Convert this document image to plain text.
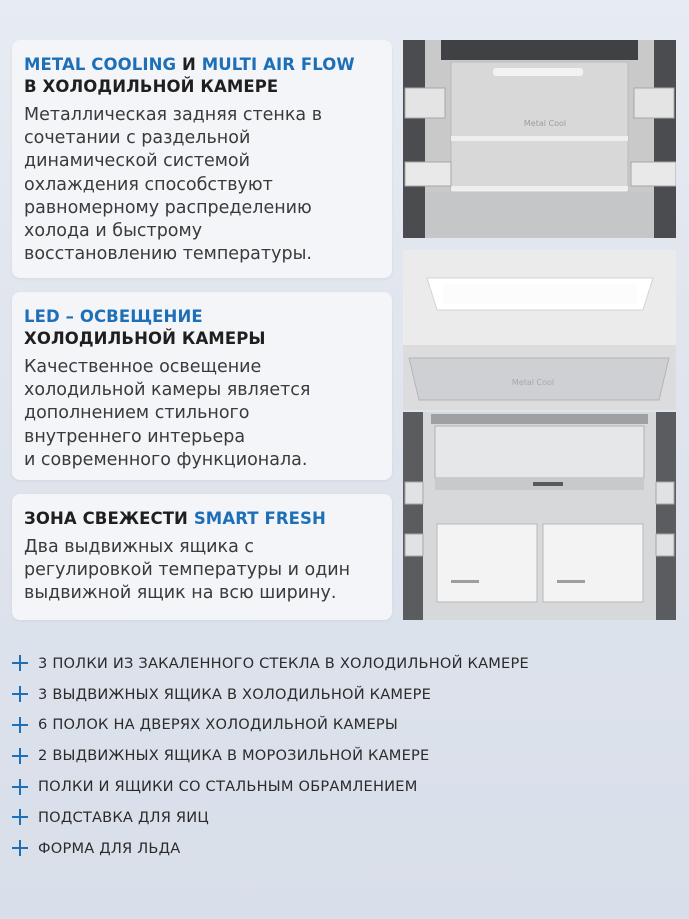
METAL COOLING И MULTI AIR FLOW
В ХОЛОДИЛЬНОЙ КАМЕРЕ

Металлическая задняя стенка в
сочетании с раздельной
динамической системой
охлаждения способствуют
равномерному распределению
холода и быстрому
восстановлению температуры.

LED – ОСВЕЩЕНИЕ
ХОЛОДИЛЬНОЙ КАМЕРЫ

Качественное освещение
холодильной камеры является
дополнением стильного
внутреннего интерьера
и современного функционала.

ЗОНА СВЕЖЕСТИ SMART FRESH

Два выдвижных ящика с
регулировкой температуры и один
выдвижной ящик на всю ширину.

Metal Cool
Metal Cool
3 ПОЛКИ ИЗ ЗАКАЛЕННОГО СТЕКЛА В ХОЛОДИЛЬНОЙ КАМЕРЕ
3 ВЫДВИЖНЫХ ЯЩИКА В ХОЛОДИЛЬНОЙ КАМЕРЕ
6 ПОЛОК НА ДВЕРЯХ ХОЛОДИЛЬНОЙ КАМЕРЫ
2 ВЫДВИЖНЫХ ЯЩИКА В МОРОЗИЛЬНОЙ КАМЕРЕ
ПОЛКИ И ЯЩИКИ СО СТАЛЬНЫМ ОБРАМЛЕНИЕМ
ПОДСТАВКА ДЛЯ ЯИЦ
ФОРМА ДЛЯ ЛЬДА
